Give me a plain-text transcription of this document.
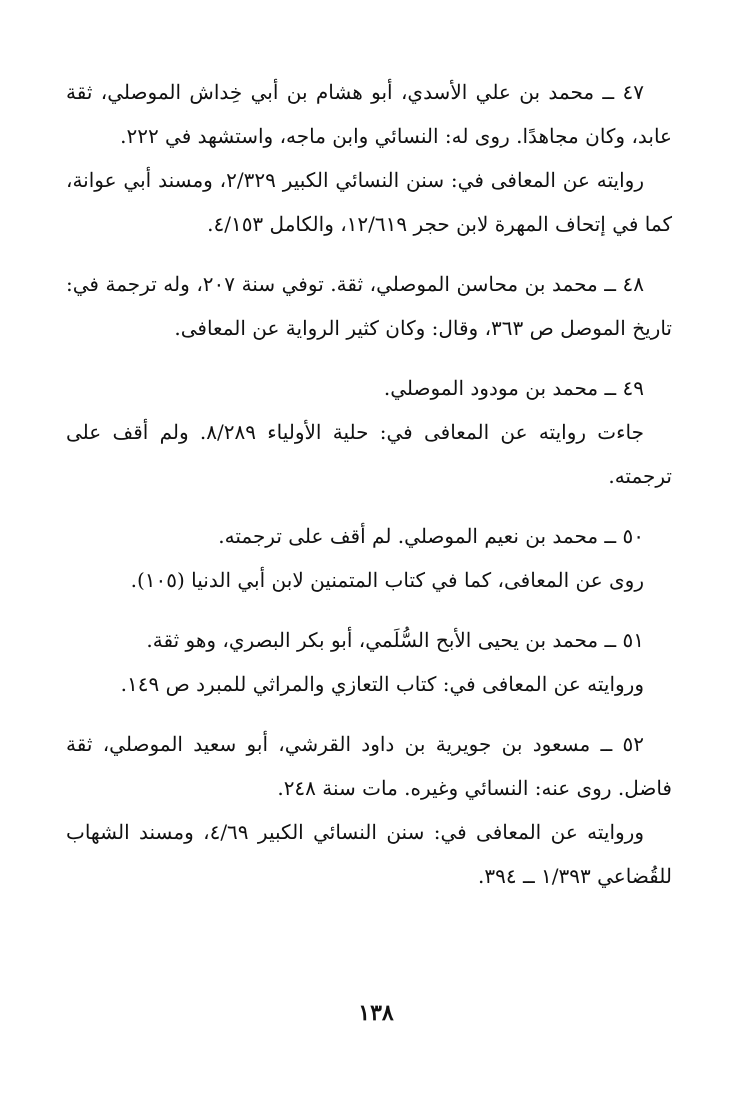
٤٧ ــ محمد بن علي الأسدي، أبو هشام بن أبي خِداش الموصلي، ثقة عابد، وكان مجاهدًا. روى له: النسائي وابن ماجه، واستشهد في ٢٢٢.

روايته عن المعافى في: سنن النسائي الكبير ٢/٣٢٩، ومسند أبي عوانة، كما في إتحاف المهرة لابن حجر ١٢/٦١٩، والكامل ٤/١٥٣.

٤٨ ــ محمد بن محاسن الموصلي، ثقة. توفي سنة ٢٠٧، وله ترجمة في: تاريخ الموصل ص ٣٦٣، وقال: وكان كثير الرواية عن المعافى.

٤٩ ــ محمد بن مودود الموصلي.

جاءت روايته عن المعافى في: حلية الأولياء ٨/٢٨٩. ولم أقف على ترجمته.

٥٠ ــ محمد بن نعيم الموصلي. لم أقف على ترجمته.

روى عن المعافى، كما في كتاب المتمنين لابن أبي الدنيا (١٠٥).

٥١ ــ محمد بن يحيى الأبح السُّلَمي، أبو بكر البصري، وهو ثقة.

وروايته عن المعافى في: كتاب التعازي والمراثي للمبرد ص ١٤٩.

٥٢ ــ مسعود بن جويرية بن داود القرشي، أبو سعيد الموصلي، ثقة فاضل. روى عنه: النسائي وغيره. مات سنة ٢٤٨.

وروايته عن المعافى في: سنن النسائي الكبير ٤/٦٩، ومسند الشهاب للقُضاعي ١/٣٩٣ ــ ٣٩٤.

١٣٨
